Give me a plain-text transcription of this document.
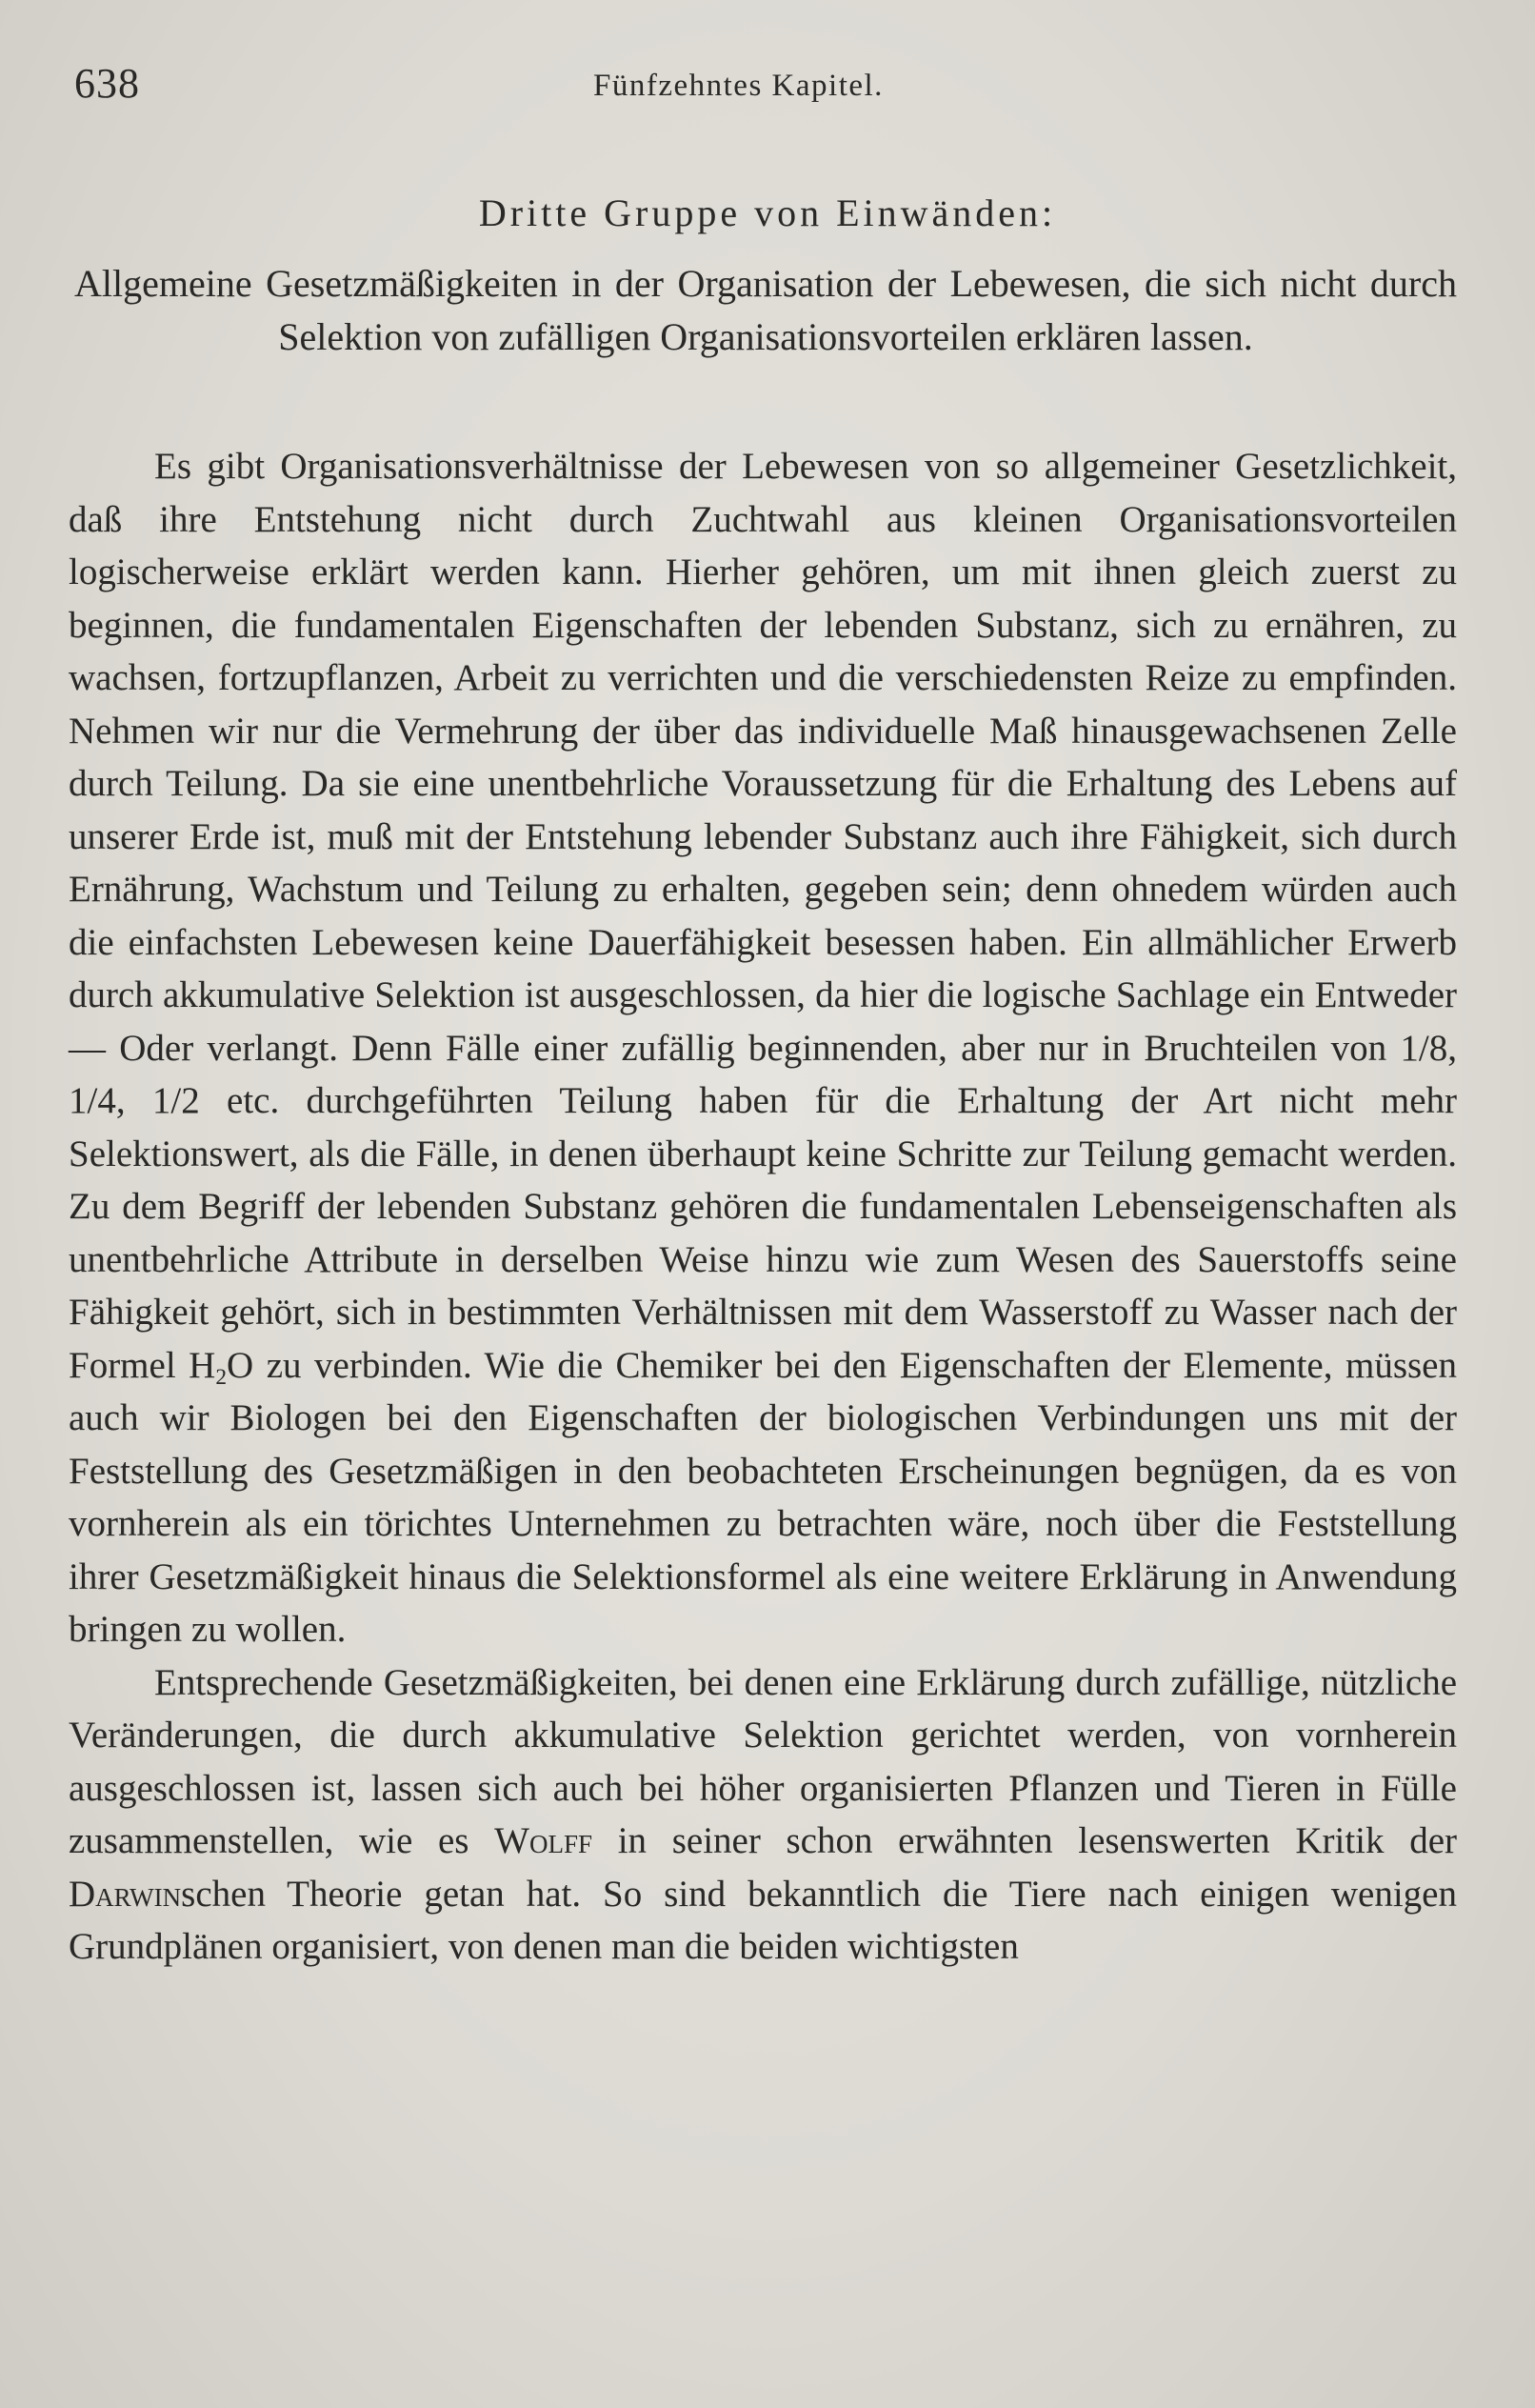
638	Fünfzehntes Kapitel.
Dritte Gruppe von Einwänden:
Allgemeine Gesetzmäßigkeiten in der Organisation der Lebewesen, die sich nicht durch Selektion von zufälligen Organisationsvorteilen erklären lassen.

Es gibt Organisationsverhältnisse der Lebewesen von so allgemeiner Gesetzlichkeit, daß ihre Entstehung nicht durch Zuchtwahl aus kleinen Organisationsvorteilen logischerweise erklärt werden kann. Hierher gehören, um mit ihnen gleich zuerst zu beginnen, die fundamentalen Eigenschaften der lebenden Substanz, sich zu ernähren, zu wachsen, fortzupflanzen, Arbeit zu verrichten und die verschiedensten Reize zu empfinden. Nehmen wir nur die Vermehrung der über das individuelle Maß hinausgewachsenen Zelle durch Teilung. Da sie eine unentbehrliche Voraussetzung für die Erhaltung des Lebens auf unserer Erde ist, muß mit der Entstehung lebender Substanz auch ihre Fähigkeit, sich durch Ernährung, Wachstum und Teilung zu erhalten, gegeben sein; denn ohnedem würden auch die einfachsten Lebewesen keine Dauerfähigkeit besessen haben. Ein allmählicher Erwerb durch akkumulative Selektion ist ausgeschlossen, da hier die logische Sachlage ein Entweder — Oder verlangt. Denn Fälle einer zufällig beginnenden, aber nur in Bruchteilen von 1/8, 1/4, 1/2 etc. durchgeführten Teilung haben für die Erhaltung der Art nicht mehr Selektionswert, als die Fälle, in denen überhaupt keine Schritte zur Teilung gemacht werden. Zu dem Begriff der lebenden Substanz gehören die fundamentalen Lebenseigenschaften als unentbehrliche Attribute in derselben Weise hinzu wie zum Wesen des Sauerstoffs seine Fähigkeit gehört, sich in bestimmten Verhältnissen mit dem Wasserstoff zu Wasser nach der Formel $H_2O$ zu verbinden. Wie die Chemiker bei den Eigenschaften der Elemente, müssen auch wir Biologen bei den Eigenschaften der biologischen Verbindungen uns mit der Feststellung des Gesetzmäßigen in den beobachteten Erscheinungen begnügen, da es von vornherein als ein törichtes Unternehmen zu betrachten wäre, noch über die Feststellung ihrer Gesetzmäßigkeit hinaus die Selektionsformel als eine weitere Erklärung in Anwendung bringen zu wollen.

Entsprechende Gesetzmäßigkeiten, bei denen eine Erklärung durch zufällige, nützliche Veränderungen, die durch akkumulative Selektion gerichtet werden, von vornherein ausgeschlossen ist, lassen sich auch bei höher organisierten Pflanzen und Tieren in Fülle zusammenstellen, wie es Wolff in seiner schon erwähnten lesenswerten Kritik der Darwinschen Theorie getan hat. So sind bekanntlich die Tiere nach einigen wenigen Grundplänen organisiert, von denen man die beiden wichtigsten
